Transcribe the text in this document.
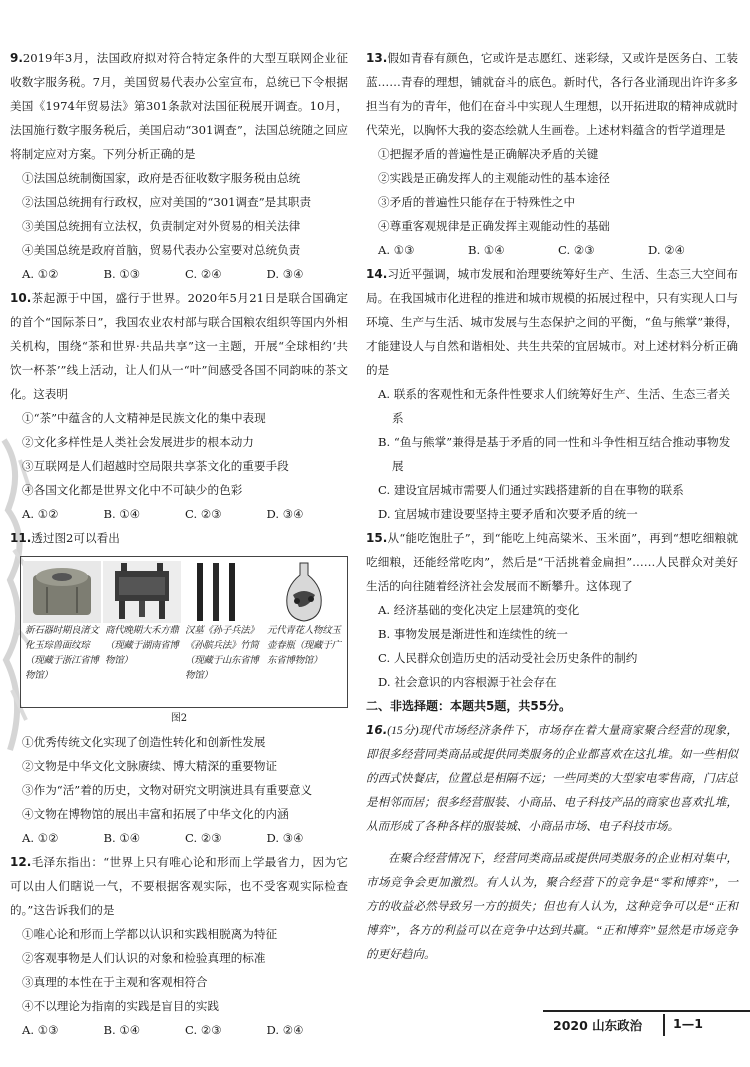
9.2019年3月，法国政府拟对符合特定条件的大型互联网企业征收数字服务税。7月，美国贸易代表办公室宣布，总统已下令根据美国《1974年贸易法》第301条款对法国征税展开调查。10月，法国施行数字服务税后，美国启动“301调查”，法国总统随之回应将制定应对方案。下列分析正确的是
①法国总统制衡国家，政府是否征收数字服务税由总统
②法国总统拥有行政权，应对美国的“301调查”是其职责
③美国总统拥有立法权，负责制定对外贸易的相关法律
④美国总统是政府首脑，贸易代表办公室要对总统负责
A. ①②	B. ①③	C. ②④	D. ③④
10.茶起源于中国，盛行于世界。2020年5月21日是联合国确定的首个“国际茶日”，我国农业农村部与联合国粮农组织等国内外相关机构，围绕“茶和世界·共品共享”这一主题，开展“全球相约‘共饮一杯茶’”线上活动，让人们从一“叶”间感受各国不同韵味的茶文化。这表明
①“茶”中蕴含的人文精神是民族文化的集中表现
②文化多样性是人类社会发展进步的根本动力
③互联网是人们超越时空局限共享茶文化的重要手段
④各国文化都是世界文化中不可缺少的色彩
A. ①②	B. ①④	C. ②③	D. ③④
11.透过图2可以看出
新石器时期良渚文化玉琮兽面纹琮（现藏于浙江省博物馆）
商代晚期大禾方鼎（现藏于湖南省博物馆）
汉墓《孙子兵法》《孙膑兵法》竹简（现藏于山东省博物馆）
元代青花人物纹玉壶春瓶（现藏于广东省博物馆）
图2
①优秀传统文化实现了创造性转化和创新性发展
②文物是中华文化文脉赓续、博大精深的重要物证
③作为“活”着的历史，文物对研究文明演进具有重要意义
④文物在博物馆的展出丰富和拓展了中华文化的内涵
A. ①②	B. ①④	C. ②③	D. ③④
12.毛泽东指出：“世界上只有唯心论和形而上学最省力，因为它可以由人们瞎说一气，不要根据客观实际，也不受客观实际检查的。”这告诉我们的是
①唯心论和形而上学都以认识和实践相脱离为特征
②客观事物是人们认识的对象和检验真理的标准
③真理的本性在于主观和客观相符合
④不以理论为指南的实践是盲目的实践
A. ①③	B. ①④	C. ②③	D. ②④
13.假如青春有颜色，它或许是志愿红、迷彩绿，又或许是医务白、工装蓝……青春的理想，铺就奋斗的底色。新时代，各行各业涌现出许许多多担当有为的青年，他们在奋斗中实现人生理想，以开拓进取的精神成就时代荣光，以胸怀大我的姿态绘就人生画卷。上述材料蕴含的哲学道理是
①把握矛盾的普遍性是正确解决矛盾的关键
②实践是正确发挥人的主观能动性的基本途径
③矛盾的普遍性只能存在于特殊性之中
④尊重客观规律是正确发挥主观能动性的基础
A. ①③	B. ①④	C. ②③	D. ②④
14.习近平强调，城市发展和治理要统筹好生产、生活、生态三大空间布局。在我国城市化进程的推进和城市规模的拓展过程中，只有实现人口与环境、生产与生活、城市发展与生态保护之间的平衡，“鱼与熊掌”兼得，才能建设人与自然和谐相处、共生共荣的宜居城市。对上述材料分析正确的是
A. 联系的客观性和无条件性要求人们统筹好生产、生活、生态三者关系
B. “鱼与熊掌”兼得是基于矛盾的同一性和斗争性相互结合推动事物发展
C. 建设宜居城市需要人们通过实践搭建新的自在事物的联系
D. 宜居城市建设要坚持主要矛盾和次要矛盾的统一
15.从“能吃饱肚子”，到“能吃上纯高粱米、玉米面”，再到“想吃细粮就吃细粮，还能经常吃肉”，然后是“干活挑着金扁担”……人民群众对美好生活的向往随着经济社会发展而不断攀升。这体现了
A. 经济基础的变化决定上层建筑的变化
B. 事物发展是渐进性和连续性的统一
C. 人民群众创造历史的活动受社会历史条件的制约
D. 社会意识的内容根源于社会存在
二、非选择题：本题共5题，共55分。
16.(15分)现代市场经济条件下，市场存在着大量商家聚合经营的现象，即很多经营同类商品或提供同类服务的企业都喜欢在这扎堆。如一些相似的西式快餐店，位置总是相隔不远；一些同类的大型家电零售商，门店总是相邻而居；很多经营服装、小商品、电子科技产品的商家也喜欢扎堆，从而形成了各种各样的服装城、小商品市场、电子科技市场。
在聚合经营情况下，经营同类商品或提供同类服务的企业相对集中，市场竞争会更加激烈。有人认为，聚合经营下的竞争是“零和博弈”，一方的收益必然导致另一方的损失；但也有人认为，这种竞争可以是“正和博弈”，各方的利益可以在竞争中达到共赢。“正和博弈”显然是市场竞争的更好趋向。
2020 山东政治 1—1
